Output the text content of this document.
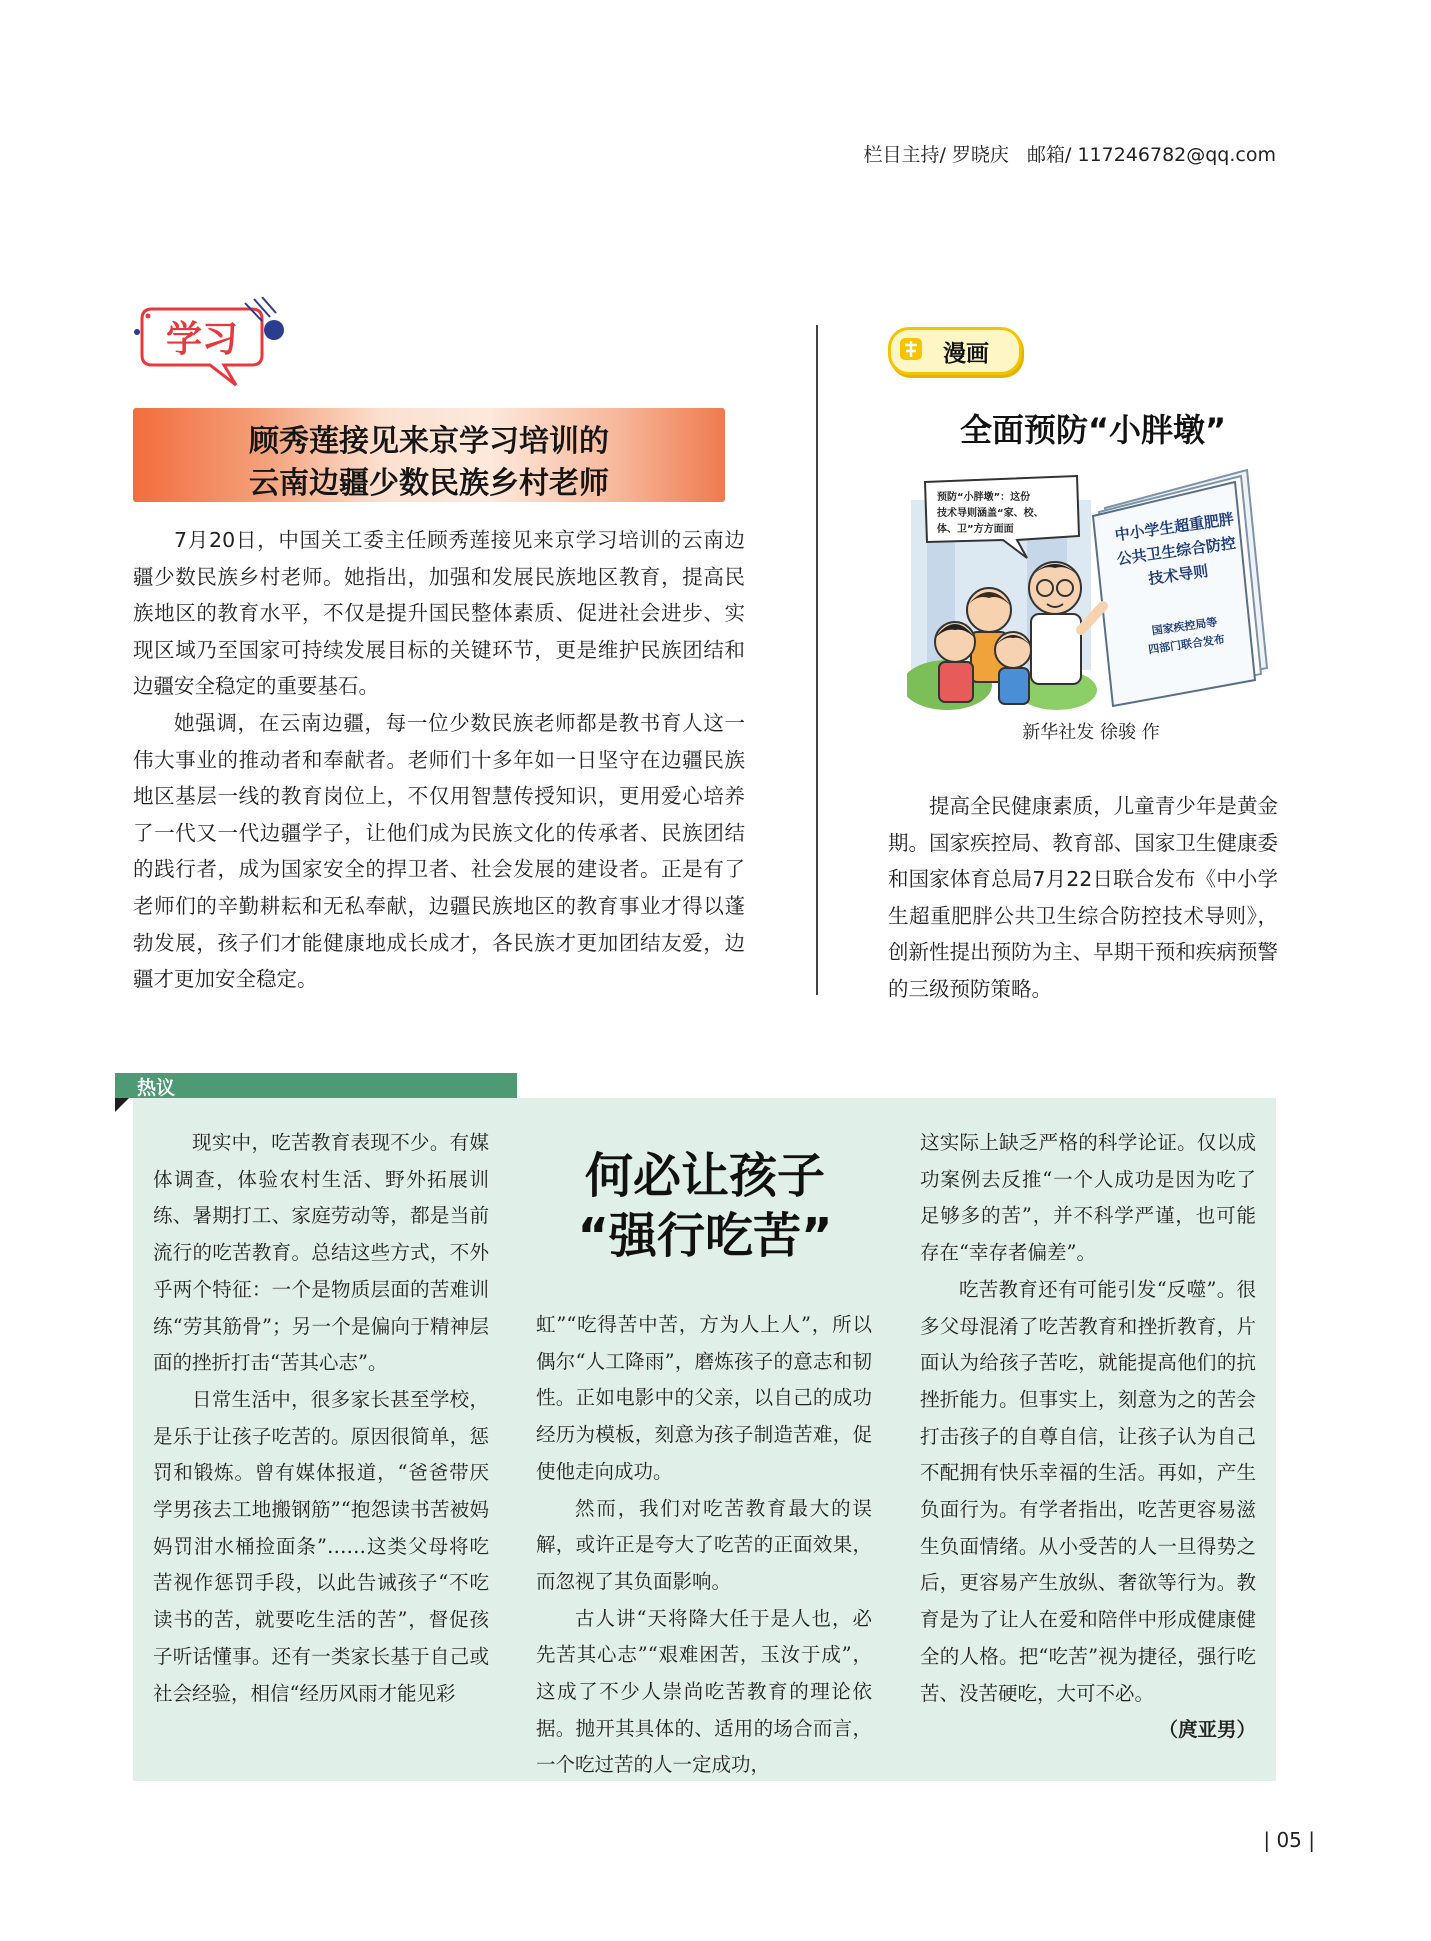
栏目主持/ 罗晓庆   邮箱/ 117246782@qq.com
学习
顾秀莲接见来京学习培训的
云南边疆少数民族乡村老师

7月20日，中国关工委主任顾秀莲接见来京学习培训的云南边疆少数民族乡村老师。她指出，加强和发展民族地区教育，提高民族地区的教育水平，不仅是提升国民整体素质、促进社会进步、实现区域乃至国家可持续发展目标的关键环节，更是维护民族团结和边疆安全稳定的重要基石。

她强调，在云南边疆，每一位少数民族老师都是教书育人这一伟大事业的推动者和奉献者。老师们十多年如一日坚守在边疆民族地区基层一线的教育岗位上，不仅用智慧传授知识，更用爱心培养了一代又一代边疆学子，让他们成为民族文化的传承者、民族团结的践行者，成为国家安全的捍卫者、社会发展的建设者。正是有了老师们的辛勤耕耘和无私奉献，边疆民族地区的教育事业才得以蓬勃发展，孩子们才能健康地成长成才，各民族才更加团结友爱，边疆才更加安全稳定。

漫画
全面预防“小胖墩”
中小学生超重肥胖
公共卫生综合防控
技术导则
国家疾控局等
四部门联合发布
预防“小胖墩”：这份
技术导则涵盖“家、校、
体、卫”方方面面
新华社发 徐骏 作

提高全民健康素质，儿童青少年是黄金期。国家疾控局、教育部、国家卫生健康委和国家体育总局7月22日联合发布《中小学生超重肥胖公共卫生综合防控技术导则》，创新性提出预防为主、早期干预和疾病预警的三级预防策略。

热议
何必让孩子
“强行吃苦”

现实中，吃苦教育表现不少。有媒体调查，体验农村生活、野外拓展训练、暑期打工、家庭劳动等，都是当前流行的吃苦教育。总结这些方式，不外乎两个特征：一个是物质层面的苦难训练“劳其筋骨”；另一个是偏向于精神层面的挫折打击“苦其心志”。

日常生活中，很多家长甚至学校，是乐于让孩子吃苦的。原因很简单，惩罚和锻炼。曾有媒体报道，“爸爸带厌学男孩去工地搬钢筋”“抱怨读书苦被妈妈罚泔水桶捡面条”……这类父母将吃苦视作惩罚手段，以此告诫孩子“不吃读书的苦，就要吃生活的苦”，督促孩子听话懂事。还有一类家长基于自己或社会经验，相信“经历风雨才能见彩

虹”“吃得苦中苦，方为人上人”，所以偶尔“人工降雨”，磨炼孩子的意志和韧性。正如电影中的父亲，以自己的成功经历为模板，刻意为孩子制造苦难，促使他走向成功。

然而，我们对吃苦教育最大的误解，或许正是夸大了吃苦的正面效果，而忽视了其负面影响。

古人讲“天将降大任于是人也，必先苦其心志”“艰难困苦，玉汝于成”，这成了不少人崇尚吃苦教育的理论依据。抛开其具体的、适用的场合而言，一个吃过苦的人一定成功，

这实际上缺乏严格的科学论证。仅以成功案例去反推“一个人成功是因为吃了足够多的苦”，并不科学严谨，也可能存在“幸存者偏差”。

吃苦教育还有可能引发“反噬”。很多父母混淆了吃苦教育和挫折教育，片面认为给孩子苦吃，就能提高他们的抗挫折能力。但事实上，刻意为之的苦会打击孩子的自尊自信，让孩子认为自己不配拥有快乐幸福的生活。再如，产生负面行为。有学者指出，吃苦更容易滋生负面情绪。从小受苦的人一旦得势之后，更容易产生放纵、奢欲等行为。教育是为了让人在爱和陪伴中形成健康健全的人格。把“吃苦”视为捷径，强行吃苦、没苦硬吃，大可不必。
（庹亚男）

| 05 |
